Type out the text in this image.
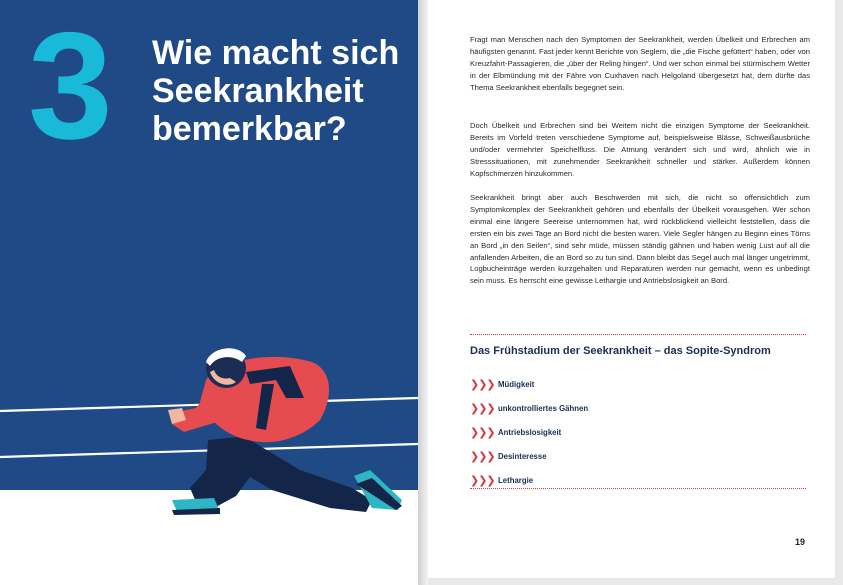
3 Wie macht sich Seekrankheit bemerkbar?

Fragt man Menschen nach den Symptomen der Seekrankheit, werden Übelkeit und Erbrechen am häufigsten genannt. Fast jeder kennt Berichte von Seglern, die „die Fische gefüttert“ haben, oder von Kreuzfahrt-Passagieren, die „über der Reling hingen“. Und wer schon einmal bei stürmischem Wetter in der Elbmündung mit der Fähre von Cuxhaven nach Helgoland übergesetzt hat, dem dürfte das Thema Seekrankheit ebenfalls begegnet sein.

Doch Übelkeit und Erbrechen sind bei Weitem nicht die einzigen Symptome der Seekrankheit. Bereits im Vorfeld treten verschiedene Symptome auf, beispielsweise Blässe, Schweißausbrüche und/oder vermehrter Speichelfluss. Die Atmung verändert sich und wird, ähnlich wie in Stresssituationen, mit zunehmender Seekrankheit schneller und stärker. Außerdem können Kopfschmerzen hinzukommen.

Seekrankheit bringt aber auch Beschwerden mit sich, die nicht so offensichtlich zum Symptomkomplex der Seekrankheit gehören und ebenfalls der Übelkeit vorausgehen. Wer schon einmal eine längere Seereise unternommen hat, wird rückblickend vielleicht feststellen, dass die ersten ein bis zwei Tage an Bord nicht die besten waren. Viele Segler hängen zu Beginn eines Törns an Bord „in den Seilen“, sind sehr müde, müssen ständig gähnen und haben wenig Lust auf all die anfallenden Arbeiten, die an Bord so zu tun sind. Dann bleibt das Segel auch mal länger ungetrimmt, Logbucheinträge werden kurzgehalten und Reparaturen werden nur gemacht, wenn es unbedingt sein muss. Es herrscht eine gewisse Lethargie und Antriebslosigkeit an Bord.

Das Frühstadium der Seekrankheit – das Sopite-Syndrom
❯❯❯ Müdigkeit
❯❯❯ unkontrolliertes Gähnen
❯❯❯ Antriebslosigkeit
❯❯❯ Desinteresse
❯❯❯ Lethargie
19
